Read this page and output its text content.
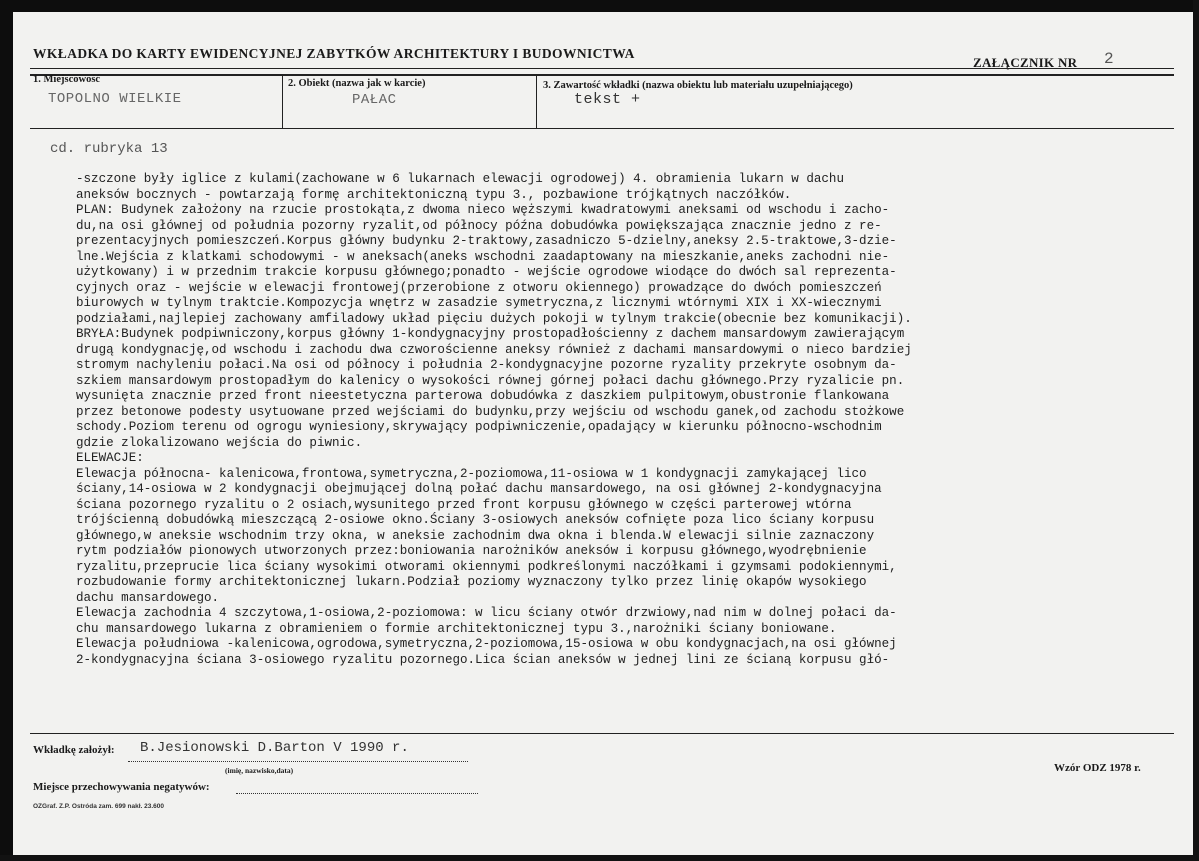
WKŁADKA DO KARTY EWIDENCYJNEJ ZABYTKÓW ARCHITEKTURY I BUDOWNICTWA
ZAŁĄCZNIK NR 2
1. Miejscowość
TOPOLNO WIELKIE
2. Obiekt (nazwa jak w karcie)
PAŁAC
3. Zawartość wkładki (nazwa obiektu lub materiału uzupełniającego)
tekst +
cd. rubryka 13
-szczone były iglice z kulami(zachowane w 6 lukarnach elewacji ogrodowej) 4. obramienia lukarn w dachu
aneksów bocznych - powtarzają formę architektoniczną typu 3., pozbawione trójkątnych naczółków.
PLAN: Budynek założony na rzucie prostokąta,z dwoma nieco węższymi kwadratowymi aneksami od wschodu i zacho-
du,na osi głównej od południa pozorny ryzalit,od północy późna dobudówka powiększająca znacznie jedno z re-
prezentacyjnych pomieszczeń.Korpus główny budynku 2-traktowy,zasadniczo 5-dzielny,aneksy 2.5-traktowe,3-dzie-
lne.Wejścia z klatkami schodowymi - w aneksach(aneks wschodni zaadaptowany na mieszkanie,aneks zachodni nie-
użytkowany) i w przednim trakcie korpusu głównego;ponadto - wejście ogrodowe wiodące do dwóch sal reprezenta-
cyjnych oraz - wejście w elewacji frontowej(przerobione z otworu okiennego) prowadzące do dwóch pomieszczeń
biurowych w tylnym traktcie.Kompozycja wnętrz w zasadzie symetryczna,z licznymi wtórnymi XIX i XX-wiecznymi
podziałami,najlepiej zachowany amfiladowy układ pięciu dużych pokoji w tylnym trakcie(obecnie bez komunikacji).
BRYŁA:Budynek podpiwniczony,korpus główny 1-kondygnacyjny prostopadłościenny z dachem mansardowym zawierającym
drugą kondygnację,od wschodu i zachodu dwa czworościenne aneksy również z dachami mansardowymi o nieco bardziej
stromym nachyleniu połaci.Na osi od północy i południa 2-kondygnacyjne pozorne ryzality przekryte osobnym da-
szkiem mansardowym prostopadłym do kalenicy o wysokości równej górnej połaci dachu głównego.Przy ryzalicie pn.
wysunięta znacznie przed front nieestetyczna parterowa dobudówka z daszkiem pulpitowym,obustronie flankowana
przez betonowe podesty usytuowane przed wejściami do budynku,przy wejściu od wschodu ganek,od zachodu stożkowe
schody.Poziom terenu od ogrogu wyniesiony,skrywający podpiwniczenie,opadający w kierunku północno-wschodnim
gdzie zlokalizowano wejścia do piwnic.
ELEWACJE:
Elewacja północna- kalenicowa,frontowa,symetryczna,2-poziomowa,11-osiowa w 1 kondygnacji zamykającej lico
ściany,14-osiowa w 2 kondygnacji obejmującej dolną połać dachu mansardowego, na osi głównej 2-kondygnacyjna
ściana pozornego ryzalitu o 2 osiach,wysunitego przed front korpusu głównego w części parterowej wtórna
trójścienną dobudówką mieszczącą 2-osiowe okno.Ściany 3-osiowych aneksów cofnięte poza lico ściany korpusu
głównego,w aneksie wschodnim trzy okna, w aneksie zachodnim dwa okna i blenda.W elewacji silnie zaznaczony
rytm podziałów pionowych utworzonych przez:boniowania narożników aneksów i korpusu głównego,wyodrębnienie
ryzalitu,przeprucie lica ściany wysokimi otworami okiennymi podkreślonymi naczółkami i gzymsami podokiennymi,
rozbudowanie formy architektonicznej lukarn.Podział poziomy wyznaczony tylko przez linię okapów wysokiego
dachu mansardowego.
Elewacja zachodnia 4 szczytowa,1-osiowa,2-poziomowa: w licu ściany otwór drzwiowy,nad nim w dolnej połaci da-
chu mansardowego lukarna z obramieniem o formie architektonicznej typu 3.,narożniki ściany boniowane.
Elewacja południowa -kalenicowa,ogrodowa,symetryczna,2-poziomowa,15-osiowa w obu kondygnacjach,na osi głównej
2-kondygnacyjna ściana 3-osiowego ryzalitu pozornego.Lica ścian aneksów w jednej lini ze ścianą korpusu głó-
Wkładkę założył: B.Jesionowski D.Barton V 1990 r.
(imię, nazwisko,data)
Miejsce przechowywania negatywów:
Wzór ODZ 1978 r.
OZGraf. Z.P. Ostróda zam. 699 nakł. 23.600
